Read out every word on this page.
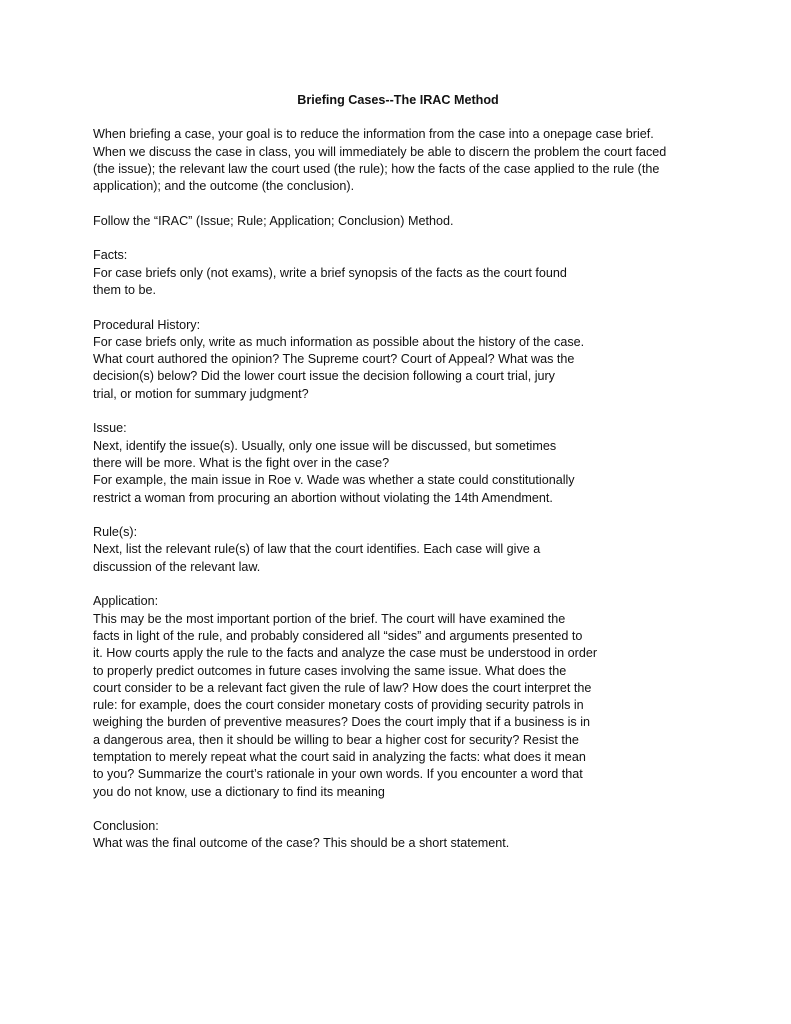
Briefing Cases--The IRAC Method

When briefing a case, your goal is to reduce the information from the case into a onepage case brief.
When we discuss the case in class, you will immediately be able to discern the problem the court faced
(the issue); the relevant law the court used (the rule); how the facts of the case applied to the rule (the
application); and the outcome (the conclusion).

Follow the “IRAC” (Issue; Rule; Application; Conclusion) Method.

Facts:
For case briefs only (not exams), write a brief synopsis of the facts as the court found
them to be.
Procedural History:
For case briefs only, write as much information as possible about the history of the case.
What court authored the opinion? The Supreme court? Court of Appeal? What was the
decision(s) below? Did the lower court issue the decision following a court trial, jury
trial, or motion for summary judgment?
Issue:
Next, identify the issue(s). Usually, only one issue will be discussed, but sometimes
there will be more. What is the fight over in the case?
For example, the main issue in Roe v. Wade was whether a state could constitutionally
restrict a woman from procuring an abortion without violating the 14th Amendment.
Rule(s):
Next, list the relevant rule(s) of law that the court identifies. Each case will give a
discussion of the relevant law.
Application:
This may be the most important portion of the brief. The court will have examined the
facts in light of the rule, and probably considered all “sides” and arguments presented to
it. How courts apply the rule to the facts and analyze the case must be understood in order
to properly predict outcomes in future cases involving the same issue. What does the
court consider to be a relevant fact given the rule of law? How does the court interpret the
rule: for example, does the court consider monetary costs of providing security patrols in
weighing the burden of preventive measures? Does the court imply that if a business is in
a dangerous area, then it should be willing to bear a higher cost for security? Resist the
temptation to merely repeat what the court said in analyzing the facts: what does it mean
to you? Summarize the court’s rationale in your own words. If you encounter a word that
you do not know, use a dictionary to find its meaning
Conclusion:
What was the final outcome of the case? This should be a short statement.
